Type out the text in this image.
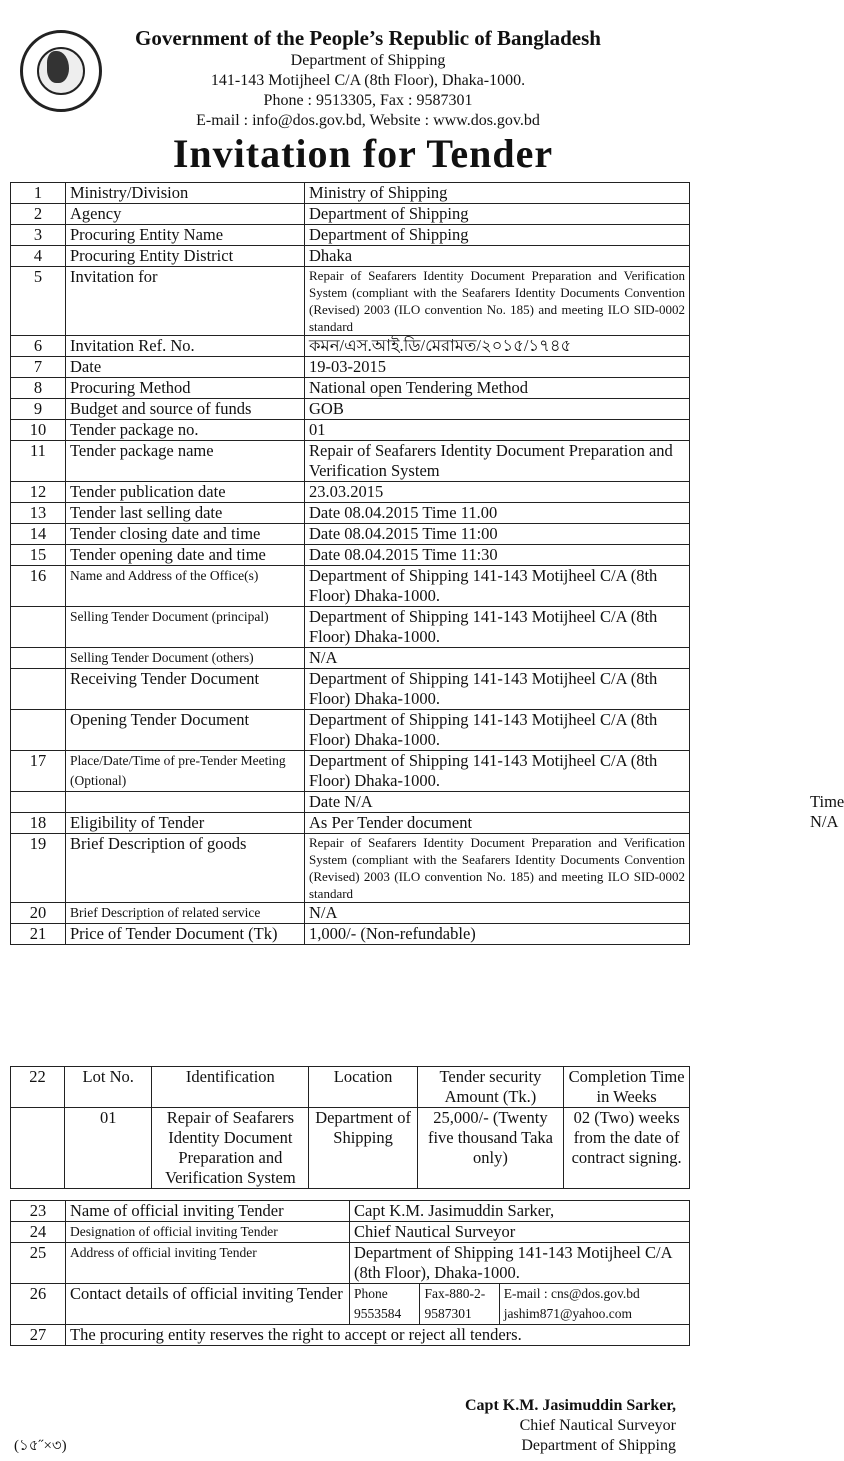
Government of the People’s Republic of Bangladesh
Department of Shipping
141-143 Motijheel C/A (8th Floor), Dhaka-1000.
Phone : 9513305, Fax : 9587301
E-mail : info@dos.gov.bd, Website : www.dos.gov.bd
Invitation for Tender
1	Ministry/Division	Ministry of Shipping
2	Agency	Department of Shipping
3	Procuring Entity Name	Department of Shipping
4	Procuring Entity District	Dhaka
5	Invitation for	Repair of Seafarers Identity Document Preparation and Verification System (compliant with the Seafarers Identity Documents Convention (Revised) 2003 (ILO convention No. 185) and meeting ILO SID-0002 standard
6	Invitation Ref. No.	কমন/এস.আই.ডি/মেরামত/২০১৫/১৭৪৫
7	Date	19-03-2015
8	Procuring Method	National open Tendering Method
9	Budget and source of funds	GOB
10	Tender package no.	01
11	Tender package name	Repair of Seafarers Identity Document Preparation and Verification System
12	Tender publication date	23.03.2015
13	Tender last selling date	Date 08.04.2015 Time 11.00
14	Tender closing date and time	Date 08.04.2015 Time 11:00
15	Tender opening date and time	Date 08.04.2015 Time 11:30
16	Name and Address of the Office(s)	Department of Shipping 141-143 Motijheel C/A (8th Floor) Dhaka-1000.
	Selling Tender Document (principal)	Department of Shipping 141-143 Motijheel C/A (8th Floor) Dhaka-1000.
	Selling Tender Document (others)	N/A
	Receiving Tender Document	Department of Shipping 141-143 Motijheel C/A (8th Floor) Dhaka-1000.
	Opening Tender Document	Department of Shipping 141-143 Motijheel C/A (8th Floor) Dhaka-1000.
17	Place/Date/Time of pre-Tender Meeting (Optional)	Department of Shipping 141-143 Motijheel C/A (8th Floor) Dhaka-1000.
		Date N/A Time N/A

18	Eligibility of Tender	As Per Tender document
19	Brief Description of goods	Repair of Seafarers Identity Document Preparation and Verification System (compliant with the Seafarers Identity Documents Convention (Revised) 2003 (ILO convention No. 185) and meeting ILO SID-0002 standard
20	Brief Description of related service	N/A
21	Price of Tender Document (Tk)	1,000/- (Non-refundable)
22	Lot No.	Identification	Location	Tender security Amount (Tk.)	Completion Time in Weeks
	01	Repair of Seafarers Identity Document Preparation and Verification System	Department of Shipping	25,000/- (Twenty five thousand Taka only)	02 (Two) weeks from the date of contract signing.
23	Name of official inviting Tender	Capt K.M. Jasimuddin Sarker,		
24	Designation of official inviting Tender	Chief Nautical Surveyor		
25	Address of official inviting Tender	Department of Shipping 141-143 Motijheel C/A (8th Floor), Dhaka-1000.		
26	Contact details of official inviting Tender	Phone 9553584	Fax-880-2-9587301	E-mail : cns@dos.gov.bd jashim871@yahoo.com
27	The procuring entity reserves the right to accept or reject all tenders.			
Capt K.M. Jasimuddin Sarker,
Chief Nautical Surveyor
Department of Shipping
(১৫˝×৩)
